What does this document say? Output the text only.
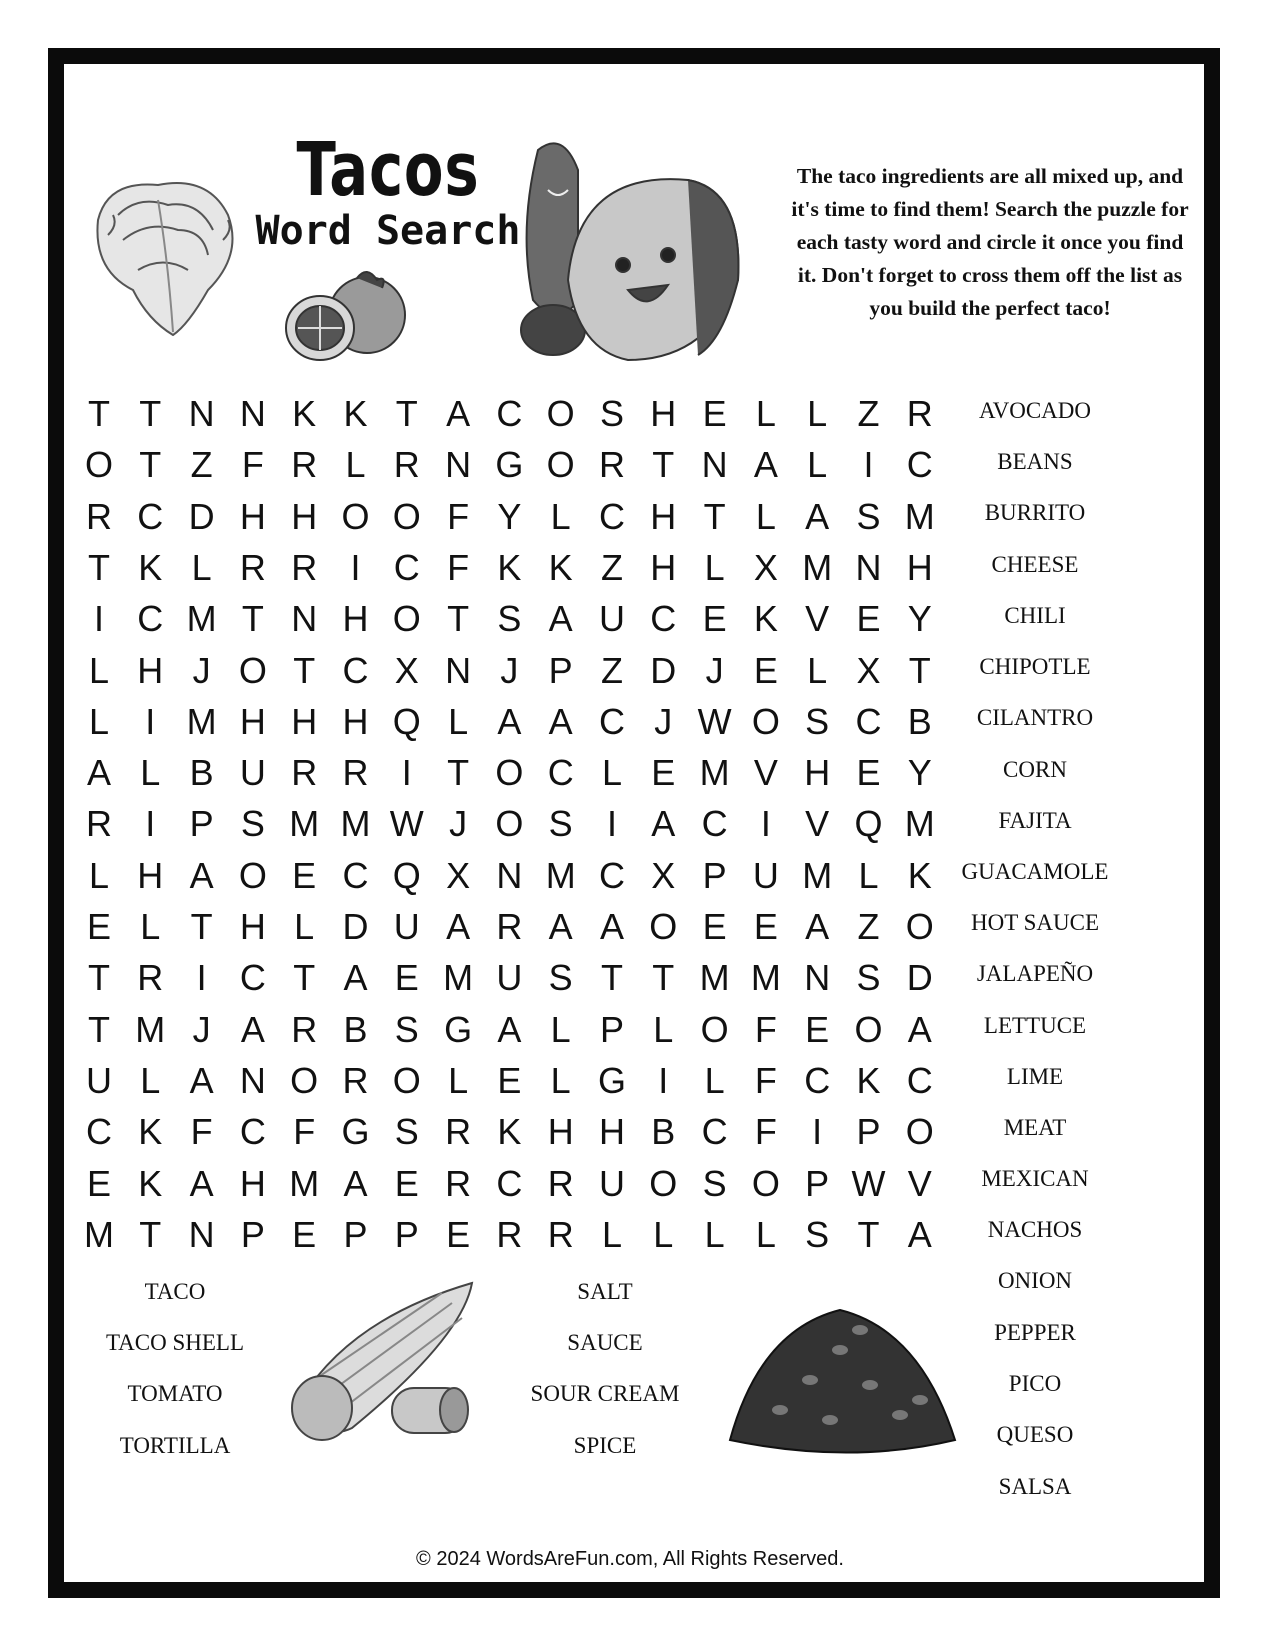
Tacos
Word Search
The taco ingredients are all mixed up, and it's time to find them! Search the puzzle for each tasty word and circle it once you find it. Don't forget to cross them off the list as you build the perfect taco!
T T N N K K T A C O S H E L L Z R
O T Z F R L R N G O R T N A L	I C
R C D H H O O F Y L C H T L A S M
T K L R R I C F K K Z H L X M N H
I C M T N H O T S A U C E K V E Y
L H J O T C X N J P Z D J E L X T
L	I M H H H Q L A A C J W O S C B
A L B U R R I T O C L E M V H E Y
R I P S M M W J O S I A C I V Q M
L H A O E C Q X N M C X P U M L K
E L T H L D U A R A A O E E A Z O
T R I C T A E M U S T T M M N S D
T M J A R B S G A L P L O F E O A
U L A N O R O L E L G I	L F C K C
C K F C F G S R K H H B C F I P O
E K A H M A E R C R U O S O P W V
M T N P E P P E R R L L L L S T A
TACO
TACO SHELL
TOMATO
TORTILLA
SALT
SAUCE
SOUR CREAM
SPICE
AVOCADO
BEANS
BURRITO
CHEESE
CHILI
CHIPOTLE
CILANTRO
CORN
FAJITA
GUACAMOLE
HOT SAUCE
JALAPEÑO
LETTUCE
LIME
MEAT
MEXICAN
NACHOS
ONION
PEPPER
PICO
QUESO
SALSA
© 2024 WordsAreFun.com, All Rights Reserved.
